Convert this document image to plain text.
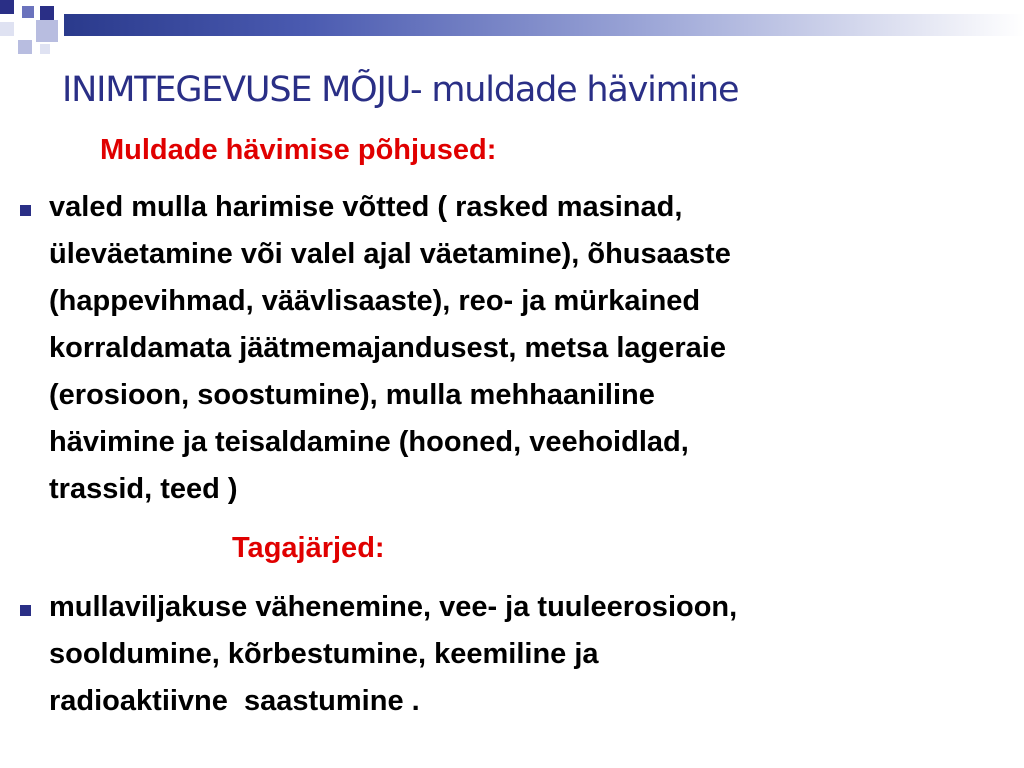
INIMTEGEVUSE MÕJU- muldade hävimine

Muldade hävimise põhjused:

valed mulla harimise võtted ( rasked masinad,
üleväetamine või valel ajal väetamine), õhusaaste
(happevihmad, väävlisaaste), reo- ja mürkained
korraldamata jäätmemajandusest, metsa lageraie
(erosioon, soostumine), mulla mehhaaniline
hävimine ja teisaldamine (hooned, veehoidlad,
trassid, teed )

Tagajärjed:

mullaviljakuse vähenemine, vee- ja tuuleerosioon,
sooldumine, kõrbestumine, keemiline ja
radioaktiivne  saastumine .
